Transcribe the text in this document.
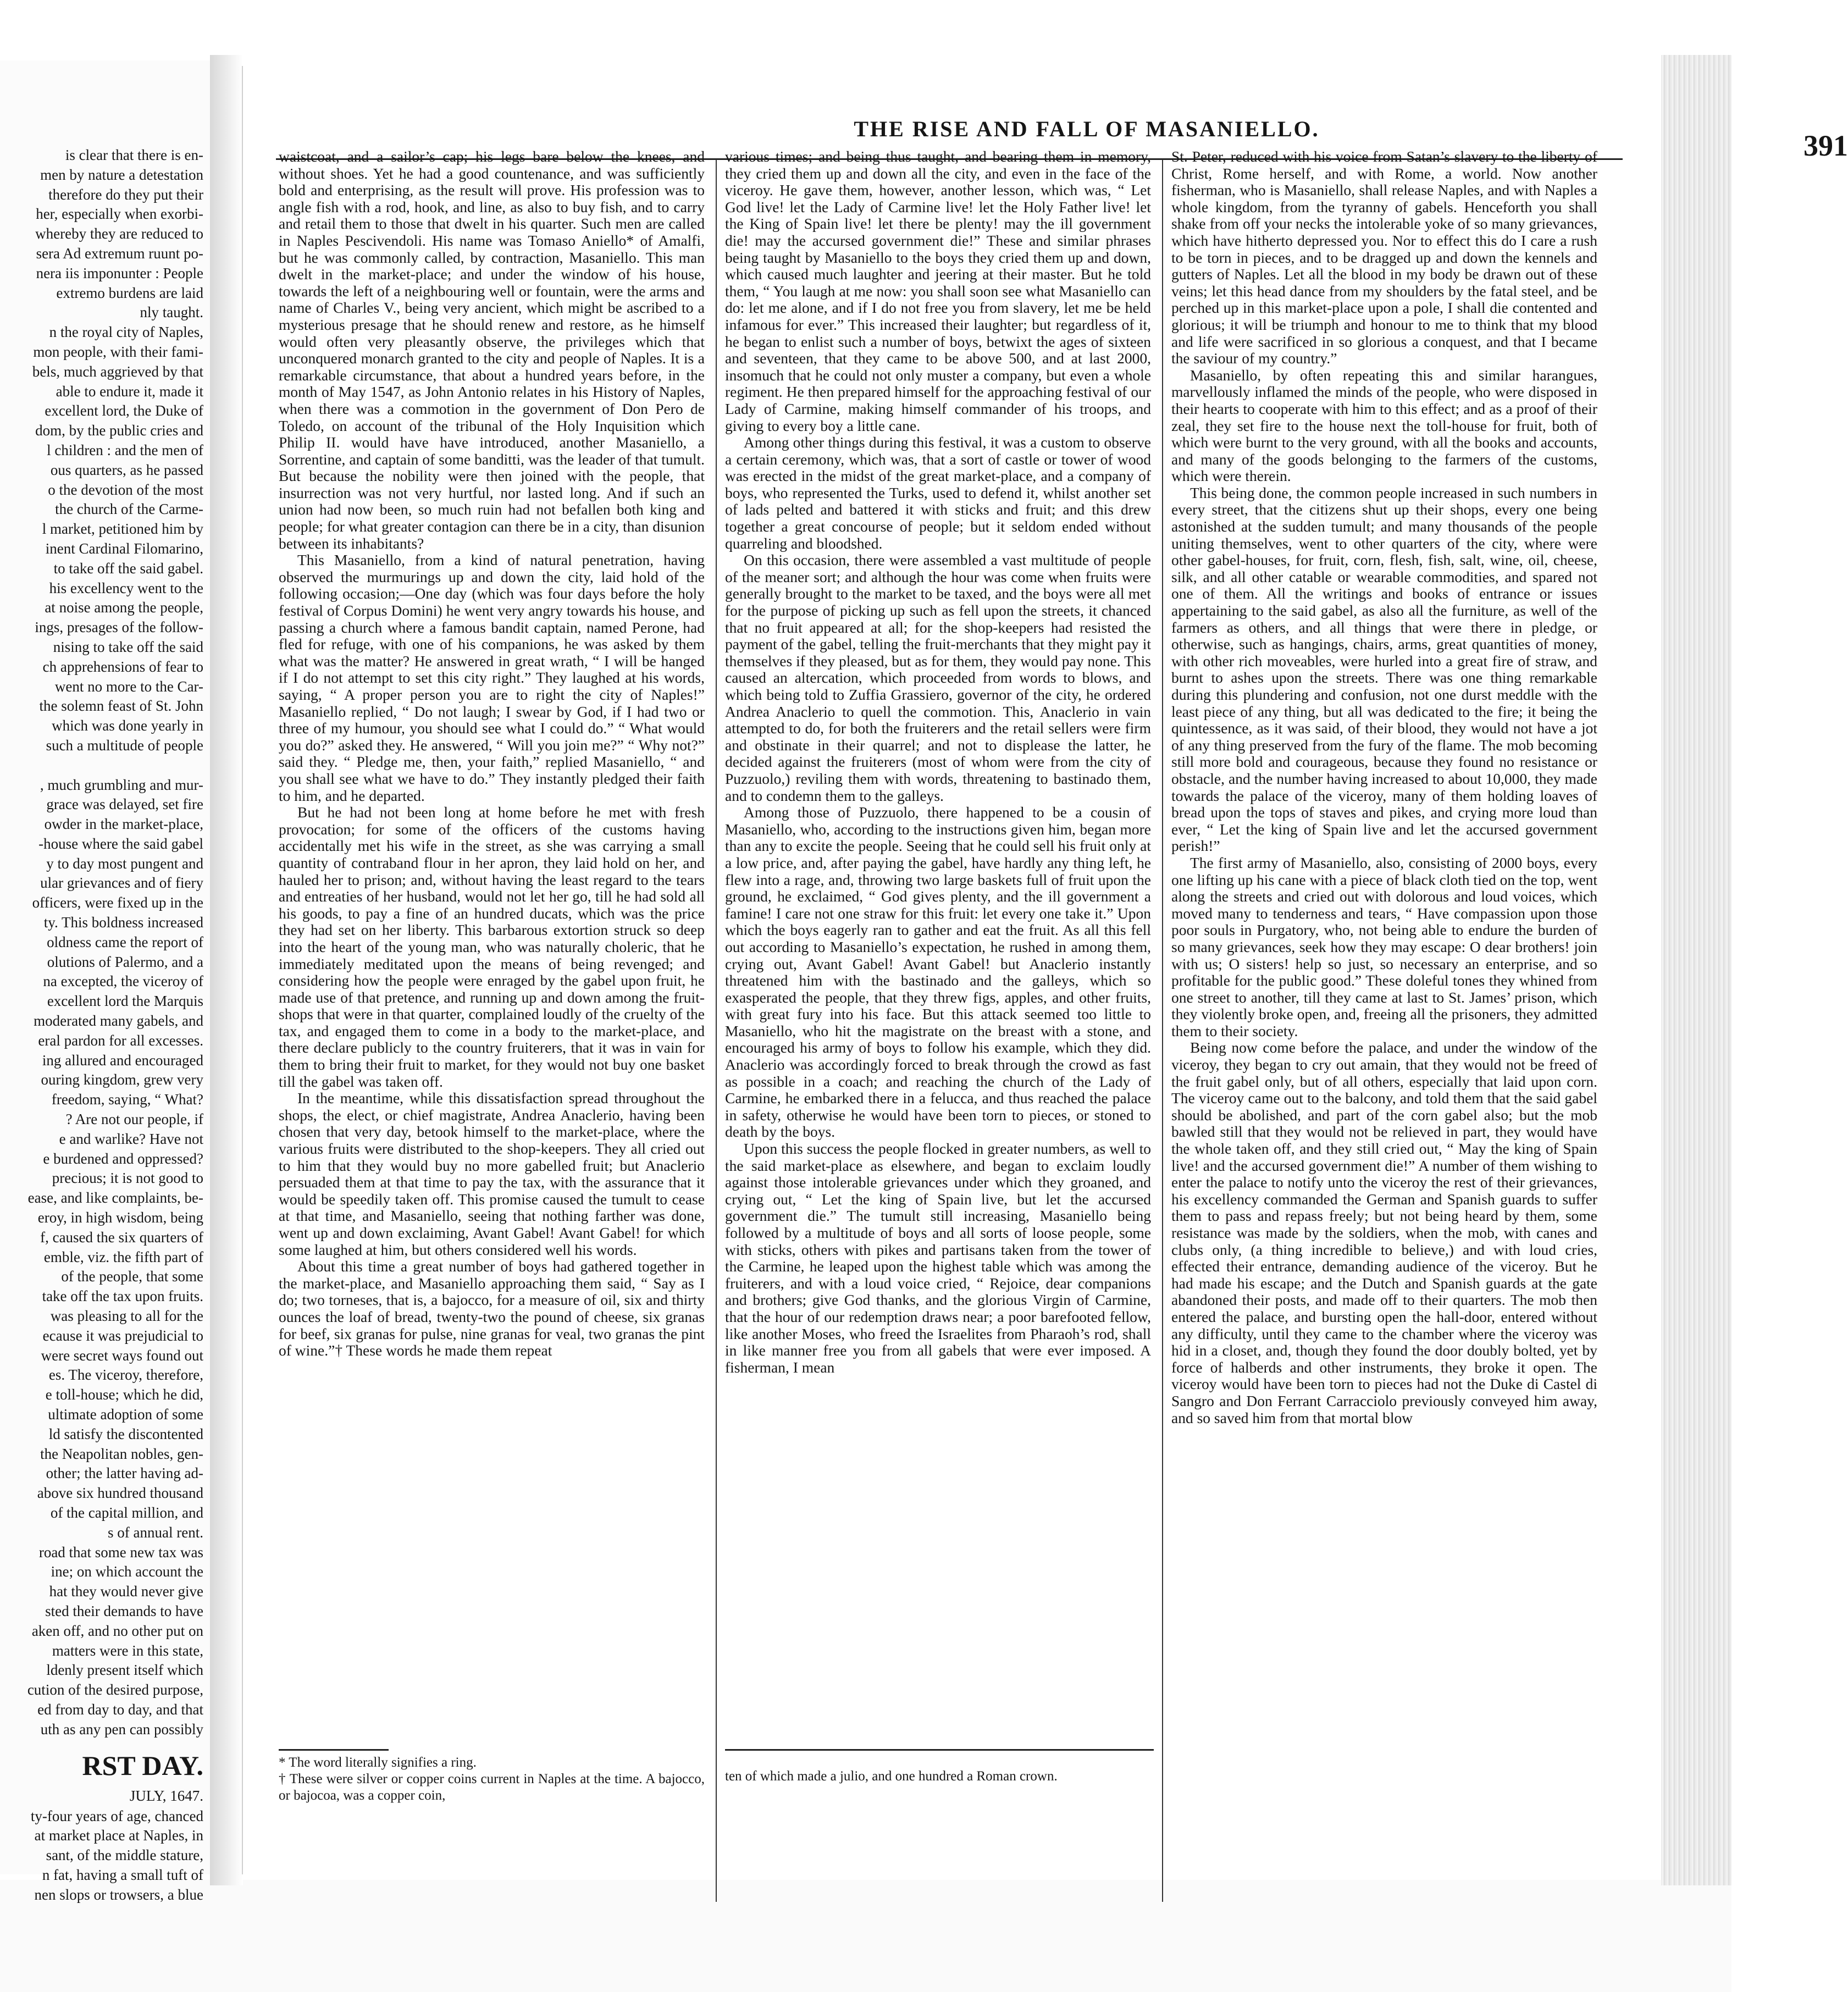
is clear that there is en-
men by nature a detestation
therefore do they put their
her, especially when exorbi-
whereby they are reduced to
sera Ad extremum ruunt po-
nera iis imponunter : People
extremo burdens are laid
nly taught.
n the royal city of Naples,
mon people, with their fami-
bels, much aggrieved by that
able to endure it, made it
excellent lord, the Duke of
dom, by the public cries and
l children : and the men of
ous quarters, as he passed
o the devotion of the most
the church of the Carme-
l market, petitioned him by
inent Cardinal Filomarino,
to take off the said gabel.
his excellency went to the
at noise among the people,
ings, presages of the follow-
nising to take off the said
ch apprehensions of fear to
went no more to the Car-
the solemn feast of St. John
which was done yearly in
such a multitude of people
, much grumbling and mur-
grace was delayed, set fire
owder in the market-place,
-house where the said gabel
y to day most pungent and
ular grievances and of fiery
officers, were fixed up in the
ty. This boldness increased
oldness came the report of
olutions of Palermo, and a
na excepted, the viceroy of
excellent lord the Marquis
moderated many gabels, and
eral pardon for all excesses.
ing allured and encouraged
ouring kingdom, grew very
freedom, saying, “ What?
? Are not our people, if
e and warlike? Have not
e burdened and oppressed?
precious; it is not good to
ease, and like complaints, be-
eroy, in high wisdom, being
f, caused the six quarters of
emble, viz. the fifth part of
of the people, that some
take off the tax upon fruits.
was pleasing to all for the
ecause it was prejudicial to
were secret ways found out
es. The viceroy, therefore,
e toll-house; which he did,
ultimate adoption of some
ld satisfy the discontented
the Neapolitan nobles, gen-
other; the latter having ad-
above six hundred thousand
of the capital million, and
s of annual rent.
road that some new tax was
ine; on which account the
hat they would never give
sted their demands to have
aken off, and no other put on
matters were in this state,
ldenly present itself which
cution of the desired purpose,
ed from day to day, and that
uth as any pen can possibly
RST DAY.
JULY, 1647.
ty-four years of age, chanced
at market place at Naples, in
sant, of the middle stature,
n fat, having a small tuft of
nen slops or trowsers, a blue
THE RISE AND FALL OF MASANIELLO.
391

waistcoat, and a sailor’s cap; his legs bare below the knees, and without shoes. Yet he had a good countenance, and was sufficiently bold and enterprising, as the result will prove. His profession was to angle fish with a rod, hook, and line, as also to buy fish, and to carry and retail them to those that dwelt in his quarter. Such men are called in Naples Pescivendoli. His name was Tomaso Aniello* of Amalfi, but he was commonly called, by contraction, Masaniello. This man dwelt in the market-place; and under the window of his house, towards the left of a neighbouring well or fountain, were the arms and name of Charles V., being very ancient, which might be ascribed to a mysterious presage that he should renew and restore, as he himself would often very pleasantly observe, the privileges which that unconquered monarch granted to the city and people of Naples. It is a remarkable circumstance, that about a hundred years before, in the month of May 1547, as John Antonio relates in his History of Naples, when there was a commotion in the government of Don Pero de Toledo, on account of the tribunal of the Holy Inquisition which Philip II. would have have introduced, another Masaniello, a Sorrentine, and captain of some banditti, was the leader of that tumult. But because the nobility were then joined with the people, that insurrection was not very hurtful, nor lasted long. And if such an union had now been, so much ruin had not befallen both king and people; for what greater contagion can there be in a city, than disunion between its inhabitants?

This Masaniello, from a kind of natural penetration, having observed the murmurings up and down the city, laid hold of the following occasion;—One day (which was four days before the holy festival of Corpus Domini) he went very angry towards his house, and passing a church where a famous bandit captain, named Perone, had fled for refuge, with one of his companions, he was asked by them what was the matter? He answered in great wrath, “ I will be hanged if I do not attempt to set this city right.” They laughed at his words, saying, “ A proper person you are to right the city of Naples!” Masaniello replied, “ Do not laugh; I swear by God, if I had two or three of my humour, you should see what I could do.” “ What would you do?” asked they. He answered, “ Will you join me?” “ Why not?” said they. “ Pledge me, then, your faith,” replied Masaniello, “ and you shall see what we have to do.” They instantly pledged their faith to him, and he departed.

But he had not been long at home before he met with fresh provocation; for some of the officers of the customs having accidentally met his wife in the street, as she was carrying a small quantity of contraband flour in her apron, they laid hold on her, and hauled her to prison; and, without having the least regard to the tears and entreaties of her husband, would not let her go, till he had sold all his goods, to pay a fine of an hundred ducats, which was the price they had set on her liberty. This barbarous extortion struck so deep into the heart of the young man, who was naturally choleric, that he immediately meditated upon the means of being revenged; and considering how the people were enraged by the gabel upon fruit, he made use of that pretence, and running up and down among the fruit-shops that were in that quarter, complained loudly of the cruelty of the tax, and engaged them to come in a body to the market-place, and there declare publicly to the country fruiterers, that it was in vain for them to bring their fruit to market, for they would not buy one basket till the gabel was taken off.

In the meantime, while this dissatisfaction spread throughout the shops, the elect, or chief magistrate, Andrea Anaclerio, having been chosen that very day, betook himself to the market-place, where the various fruits were distributed to the shop-keepers. They all cried out to him that they would buy no more gabelled fruit; but Anaclerio persuaded them at that time to pay the tax, with the assurance that it would be speedily taken off. This promise caused the tumult to cease at that time, and Masaniello, seeing that nothing farther was done, went up and down exclaiming, Avant Gabel! Avant Gabel! for which some laughed at him, but others considered well his words.

About this time a great number of boys had gathered together in the market-place, and Masaniello approaching them said, “ Say as I do; two torneses, that is, a bajocco, for a measure of oil, six and thirty ounces the loaf of bread, twenty-two the pound of cheese, six granas for beef, six granas for pulse, nine granas for veal, two granas the pint of wine.”† These words he made them repeat

various times; and being thus taught, and bearing them in memory, they cried them up and down all the city, and even in the face of the viceroy. He gave them, however, another lesson, which was, “ Let God live! let the Lady of Carmine live! let the Holy Father live! let the King of Spain live! let there be plenty! may the ill government die! may the accursed government die!” These and similar phrases being taught by Masaniello to the boys they cried them up and down, which caused much laughter and jeering at their master. But he told them, “ You laugh at me now: you shall soon see what Masaniello can do: let me alone, and if I do not free you from slavery, let me be held infamous for ever.” This increased their laughter; but regardless of it, he began to enlist such a number of boys, betwixt the ages of sixteen and seventeen, that they came to be above 500, and at last 2000, insomuch that he could not only muster a company, but even a whole regiment. He then prepared himself for the approaching festival of our Lady of Carmine, making himself commander of his troops, and giving to every boy a little cane.

Among other things during this festival, it was a custom to observe a certain ceremony, which was, that a sort of castle or tower of wood was erected in the midst of the great market-place, and a company of boys, who represented the Turks, used to defend it, whilst another set of lads pelted and battered it with sticks and fruit; and this drew together a great concourse of people; but it seldom ended without quarreling and bloodshed.

On this occasion, there were assembled a vast multitude of people of the meaner sort; and although the hour was come when fruits were generally brought to the market to be taxed, and the boys were all met for the purpose of picking up such as fell upon the streets, it chanced that no fruit appeared at all; for the shop-keepers had resisted the payment of the gabel, telling the fruit-merchants that they might pay it themselves if they pleased, but as for them, they would pay none. This caused an altercation, which proceeded from words to blows, and which being told to Zuffia Grassiero, governor of the city, he ordered Andrea Anaclerio to quell the commotion. This, Anaclerio in vain attempted to do, for both the fruiterers and the retail sellers were firm and obstinate in their quarrel; and not to displease the latter, he decided against the fruiterers (most of whom were from the city of Puzzuolo,) reviling them with words, threatening to bastinado them, and to condemn them to the galleys.

Among those of Puzzuolo, there happened to be a cousin of Masaniello, who, according to the instructions given him, began more than any to excite the people. Seeing that he could sell his fruit only at a low price, and, after paying the gabel, have hardly any thing left, he flew into a rage, and, throwing two large baskets full of fruit upon the ground, he exclaimed, “ God gives plenty, and the ill government a famine! I care not one straw for this fruit: let every one take it.” Upon which the boys eagerly ran to gather and eat the fruit. As all this fell out according to Masaniello’s expectation, he rushed in among them, crying out, Avant Gabel! Avant Gabel! but Anaclerio instantly threatened him with the bastinado and the galleys, which so exasperated the people, that they threw figs, apples, and other fruits, with great fury into his face. But this attack seemed too little to Masaniello, who hit the magistrate on the breast with a stone, and encouraged his army of boys to follow his example, which they did. Anaclerio was accordingly forced to break through the crowd as fast as possible in a coach; and reaching the church of the Lady of Carmine, he embarked there in a felucca, and thus reached the palace in safety, otherwise he would have been torn to pieces, or stoned to death by the boys.

Upon this success the people flocked in greater numbers, as well to the said market-place as elsewhere, and began to exclaim loudly against those intolerable grievances under which they groaned, and crying out, “ Let the king of Spain live, but let the accursed government die.” The tumult still increasing, Masaniello being followed by a multitude of boys and all sorts of loose people, some with sticks, others with pikes and partisans taken from the tower of the Carmine, he leaped upon the highest table which was among the fruiterers, and with a loud voice cried, “ Rejoice, dear companions and brothers; give God thanks, and the glorious Virgin of Carmine, that the hour of our redemption draws near; a poor barefooted fellow, like another Moses, who freed the Israelites from Pharaoh’s rod, shall in like manner free you from all gabels that were ever imposed. A fisherman, I mean

St. Peter, reduced with his voice from Satan’s slavery to the liberty of Christ, Rome herself, and with Rome, a world. Now another fisherman, who is Masaniello, shall release Naples, and with Naples a whole kingdom, from the tyranny of gabels. Henceforth you shall shake from off your necks the intolerable yoke of so many grievances, which have hitherto depressed you. Nor to effect this do I care a rush to be torn in pieces, and to be dragged up and down the kennels and gutters of Naples. Let all the blood in my body be drawn out of these veins; let this head dance from my shoulders by the fatal steel, and be perched up in this market-place upon a pole, I shall die contented and glorious; it will be triumph and honour to me to think that my blood and life were sacrificed in so glorious a conquest, and that I became the saviour of my country.”

Masaniello, by often repeating this and similar harangues, marvellously inflamed the minds of the people, who were disposed in their hearts to cooperate with him to this effect; and as a proof of their zeal, they set fire to the house next the toll-house for fruit, both of which were burnt to the very ground, with all the books and accounts, and many of the goods belonging to the farmers of the customs, which were therein.

This being done, the common people increased in such numbers in every street, that the citizens shut up their shops, every one being astonished at the sudden tumult; and many thousands of the people uniting themselves, went to other quarters of the city, where were other gabel-houses, for fruit, corn, flesh, fish, salt, wine, oil, cheese, silk, and all other catable or wearable commodities, and spared not one of them. All the writings and books of entrance or issues appertaining to the said gabel, as also all the furniture, as well of the farmers as others, and all things that were there in pledge, or otherwise, such as hangings, chairs, arms, great quantities of money, with other rich moveables, were hurled into a great fire of straw, and burnt to ashes upon the streets. There was one thing remarkable during this plundering and confusion, not one durst meddle with the least piece of any thing, but all was dedicated to the fire; it being the quintessence, as it was said, of their blood, they would not have a jot of any thing preserved from the fury of the flame. The mob becoming still more bold and courageous, because they found no resistance or obstacle, and the number having increased to about 10,000, they made towards the palace of the viceroy, many of them holding loaves of bread upon the tops of staves and pikes, and crying more loud than ever, “ Let the king of Spain live and let the accursed government perish!”

The first army of Masaniello, also, consisting of 2000 boys, every one lifting up his cane with a piece of black cloth tied on the top, went along the streets and cried out with dolorous and loud voices, which moved many to tenderness and tears, “ Have compassion upon those poor souls in Purgatory, who, not being able to endure the burden of so many grievances, seek how they may escape: O dear brothers! join with us; O sisters! help so just, so necessary an enterprise, and so profitable for the public good.” These doleful tones they whined from one street to another, till they came at last to St. James’ prison, which they violently broke open, and, freeing all the prisoners, they admitted them to their society.

Being now come before the palace, and under the window of the viceroy, they began to cry out amain, that they would not be freed of the fruit gabel only, but of all others, especially that laid upon corn. The viceroy came out to the balcony, and told them that the said gabel should be abolished, and part of the corn gabel also; but the mob bawled still that they would not be relieved in part, they would have the whole taken off, and they still cried out, “ May the king of Spain live! and the accursed government die!” A number of them wishing to enter the palace to notify unto the viceroy the rest of their grievances, his excellency commanded the German and Spanish guards to suffer them to pass and repass freely; but not being heard by them, some resistance was made by the soldiers, when the mob, with canes and clubs only, (a thing incredible to believe,) and with loud cries, effected their entrance, demanding audience of the viceroy. But he had made his escape; and the Dutch and Spanish guards at the gate abandoned their posts, and made off to their quarters. The mob then entered the palace, and bursting open the hall-door, entered without any difficulty, until they came to the chamber where the viceroy was hid in a closet, and, though they found the door doubly bolted, yet by force of halberds and other instruments, they broke it open. The viceroy would have been torn to pieces had not the Duke di Castel di Sangro and Don Ferrant Carracciolo previously conveyed him away, and so saved him from that mortal blow

* The word literally signifies a ring.

† These were silver or copper coins current in Naples at the time. A bajocco, or bajocoa, was a copper coin,

ten of which made a julio, and one hundred a Roman crown.
